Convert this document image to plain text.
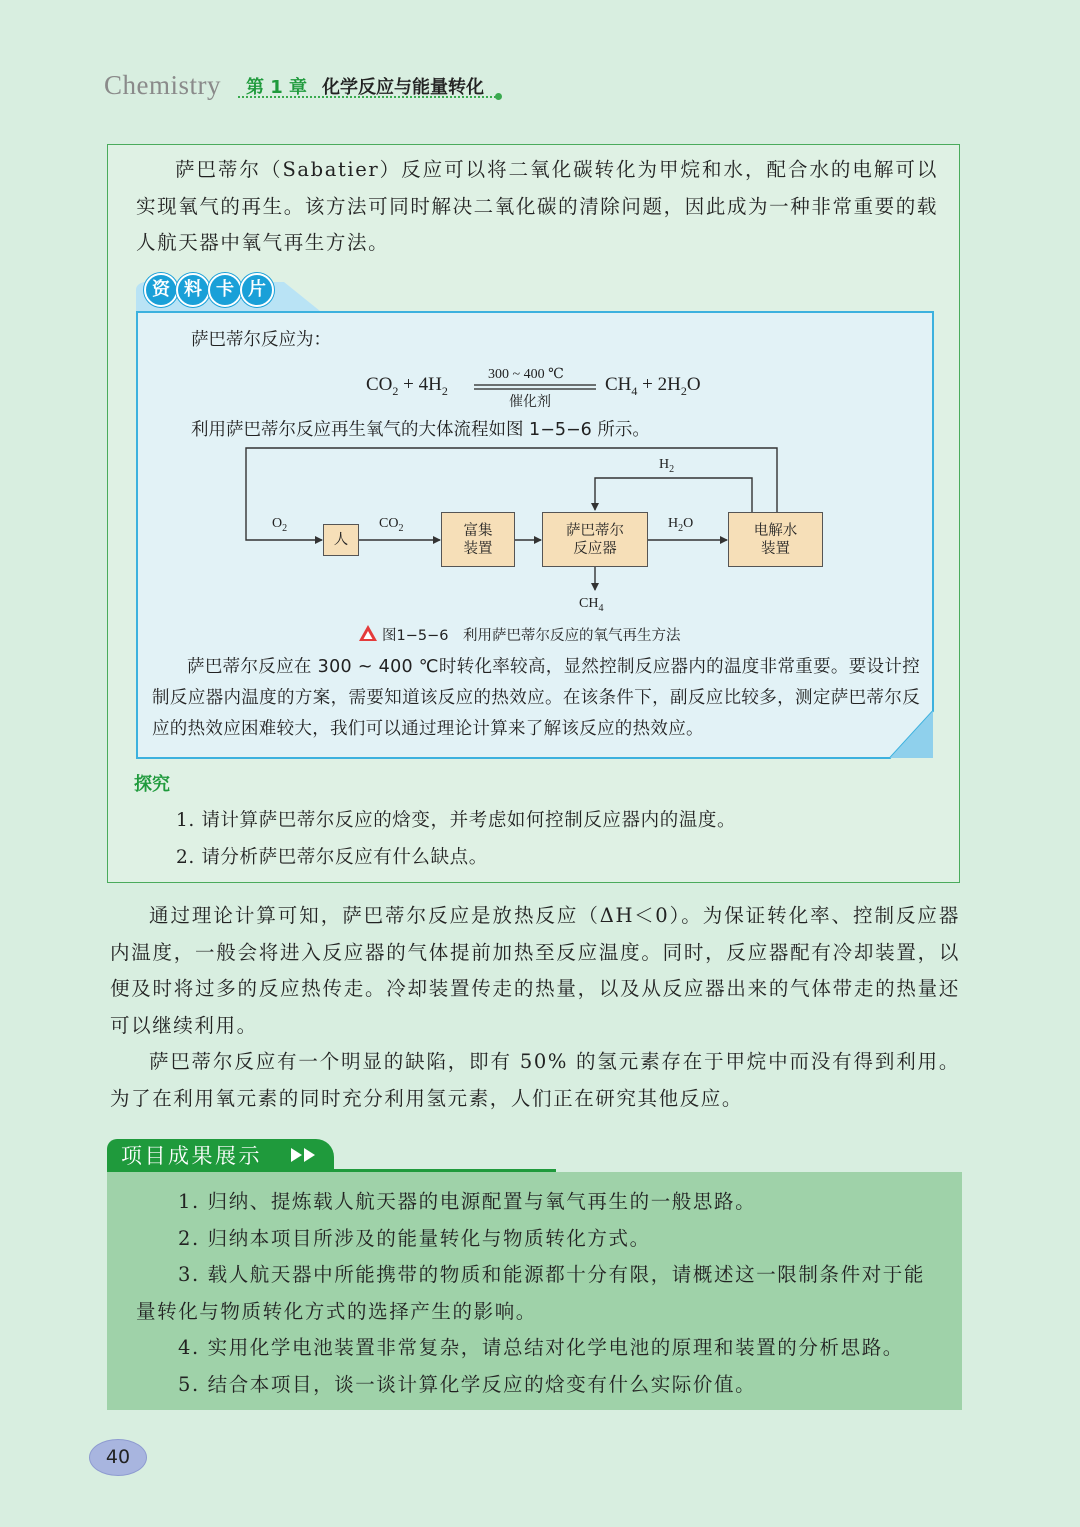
Chemistry 第 1 章 化学反应与能量转化
萨巴蒂尔（Sabatier）反应可以将二氧化碳转化为甲烷和水，配合水的电解可以实现氧气的再生。该方法可同时解决二氧化碳的清除问题，因此成为一种非常重要的载人航天器中氧气再生方法。
资 料 卡 片
萨巴蒂尔反应为：
$CO_2 + 4H_2$
300 ~ 400 ℃
催化剂
$CH_4 + 2H_2O$
利用萨巴蒂尔反应再生氧气的大体流程如图 1−5−6 所示。
人
富集
装置
萨巴蒂尔
反应器
电解水
装置
$O_2$	$CO_2$
$H_2$
$H_2O$
$CH_4$
图1−5−6　利用萨巴蒂尔反应的氧气再生方法
萨巴蒂尔反应在 300 ~ 400 ℃时转化率较高，显然控制反应器内的温度非常重要。要设计控制反应器内温度的方案，需要知道该反应的热效应。在该条件下，副反应比较多，测定萨巴蒂尔反应的热效应困难较大，我们可以通过理论计算来了解该反应的热效应。
探究
1. 请计算萨巴蒂尔反应的焓变，并考虑如何控制反应器内的温度。
2. 请分析萨巴蒂尔反应有什么缺点。
通过理论计算可知，萨巴蒂尔反应是放热反应（ΔH＜0）。为保证转化率、控制反应器内温度，一般会将进入反应器的气体提前加热至反应温度。同时，反应器配有冷却装置，以便及时将过多的反应热传走。冷却装置传走的热量，以及从反应器出来的气体带走的热量还可以继续利用。
萨巴蒂尔反应有一个明显的缺陷，即有 50% 的氢元素存在于甲烷中而没有得到利用。为了在利用氧元素的同时充分利用氢元素，人们正在研究其他反应。
项目成果展示
1. 归纳、提炼载人航天器的电源配置与氧气再生的一般思路。
2. 归纳本项目所涉及的能量转化与物质转化方式。
3. 载人航天器中所能携带的物质和能源都十分有限，请概述这一限制条件对于能量转化与物质转化方式的选择产生的影响。
4. 实用化学电池装置非常复杂，请总结对化学电池的原理和装置的分析思路。
5. 结合本项目，谈一谈计算化学反应的焓变有什么实际价值。
40
